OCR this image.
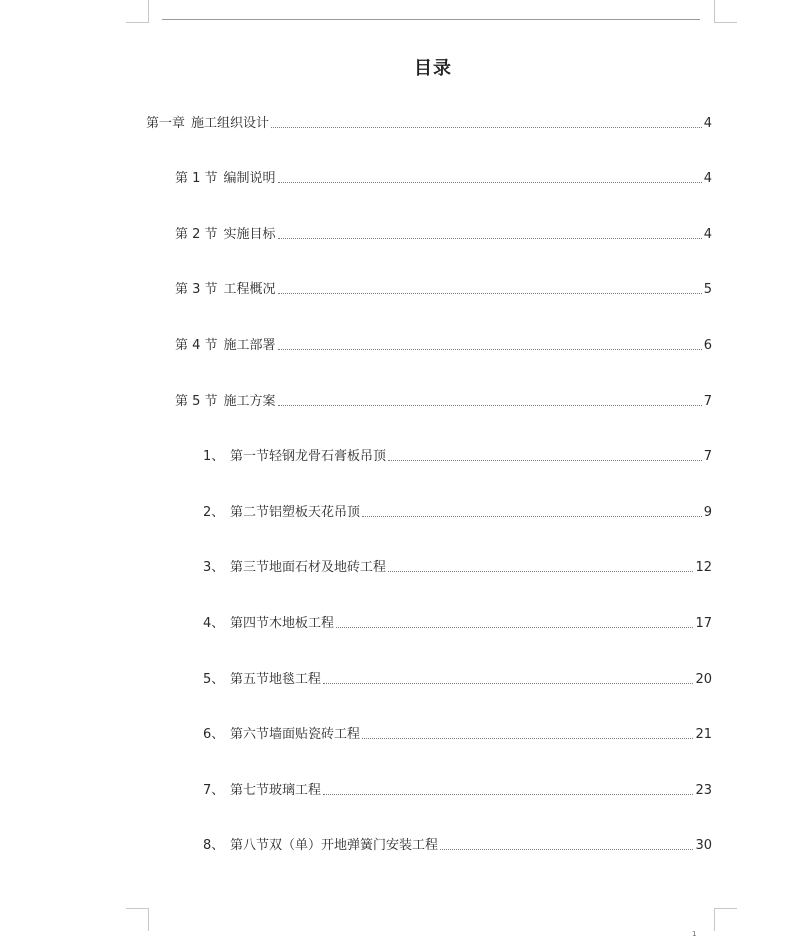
目录
第一章 施工组织设计	4
第 1 节 编制说明	4
第 2 节 实施目标	4
第 3 节 工程概况	5
第 4 节 施工部署	6
第 5 节 施工方案	7
1、 第一节轻钢龙骨石膏板吊顶	7
2、 第二节铝塑板天花吊顶	9
3、 第三节地面石材及地砖工程	12
4、 第四节木地板工程	17
5、 第五节地毯工程	20
6、 第六节墙面贴瓷砖工程	21
7、 第七节玻璃工程	23
8、 第八节双（单）开地弹簧门安装工程	30
1
